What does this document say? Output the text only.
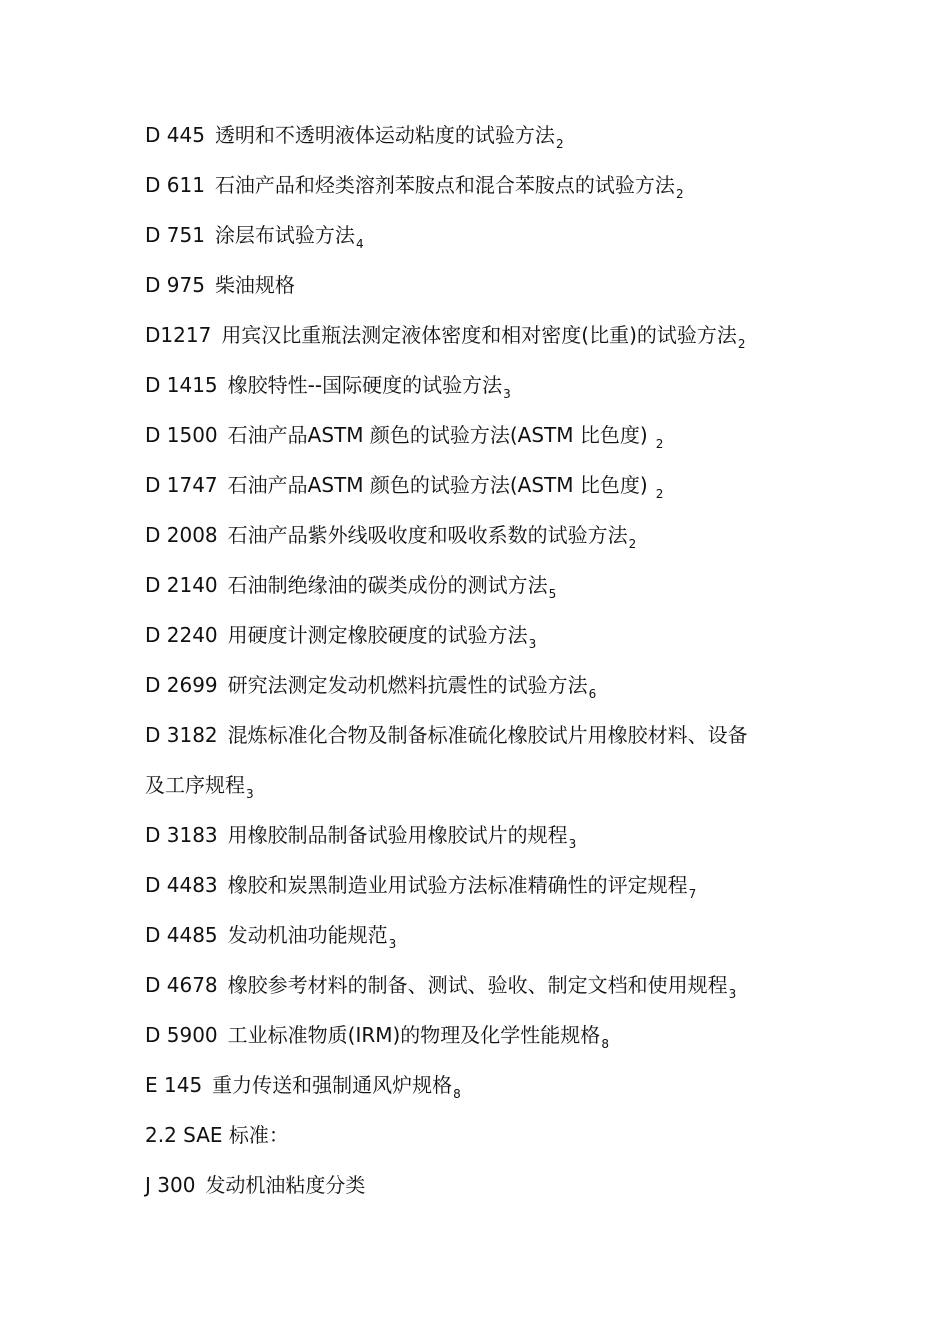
D 445 透明和不透明液体运动粘度的试验方法$_2$
D 611 石油产品和烃类溶剂苯胺点和混合苯胺点的试验方法$_2$
D 751 涂层布试验方法$_4$
D 975 柴油规格
D1217 用宾汉比重瓶法测定液体密度和相对密度(比重)的试验方法$_2$
D 1415 橡胶特性--国际硬度的试验方法$_3$
D 1500 石油产品ASTM 颜色的试验方法(ASTM 比色度) $_2$
D 1747 石油产品ASTM 颜色的试验方法(ASTM 比色度) $_2$
D 2008 石油产品紫外线吸收度和吸收系数的试验方法$_2$
D 2140 石油制绝缘油的碳类成份的测试方法$_5$
D 2240 用硬度计测定橡胶硬度的试验方法$_3$
D 2699 研究法测定发动机燃料抗震性的试验方法$_6$
D 3182 混炼标准化合物及制备标准硫化橡胶试片用橡胶材料、设备
及工序规程$_3$
D 3183 用橡胶制品制备试验用橡胶试片的规程$_3$
D 4483 橡胶和炭黑制造业用试验方法标准精确性的评定规程$_7$
D 4485 发动机油功能规范$_3$
D 4678 橡胶参考材料的制备、测试、验收、制定文档和使用规程$_3$
D 5900 工业标准物质(IRM)的物理及化学性能规格$_8$
E 145 重力传送和强制通风炉规格$_8$
2.2 SAE 标准：
J 300 发动机油粘度分类
